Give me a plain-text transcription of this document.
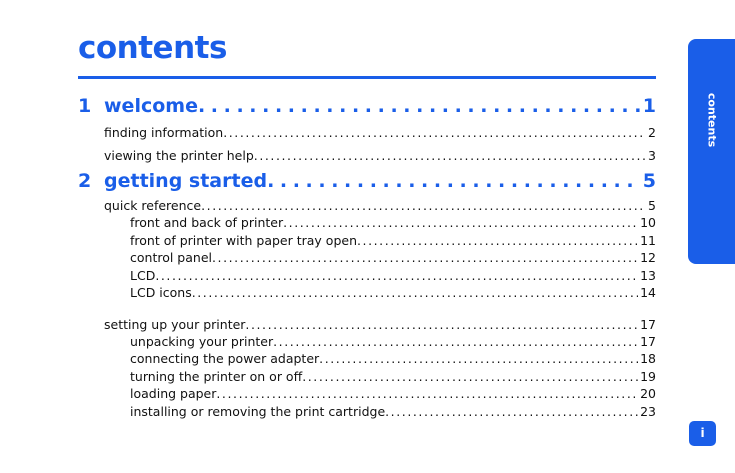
contents
1 welcome . . .	1
finding information . . .	2
viewing the printer help . . .	3
2 getting started . . .	5
quick reference . . .	5
front and back of printer . . .	10
front of printer with paper tray open . . .	11
control panel . . .	12
LCD . . .	13
LCD icons . . .	14
setting up your printer . . .	17
unpacking your printer . . .	17
connecting the power adapter . . .	18
turning the printer on or off . . .	19
loading paper . . .	20
installing or removing the print cartridge . . .	23
contents
i
